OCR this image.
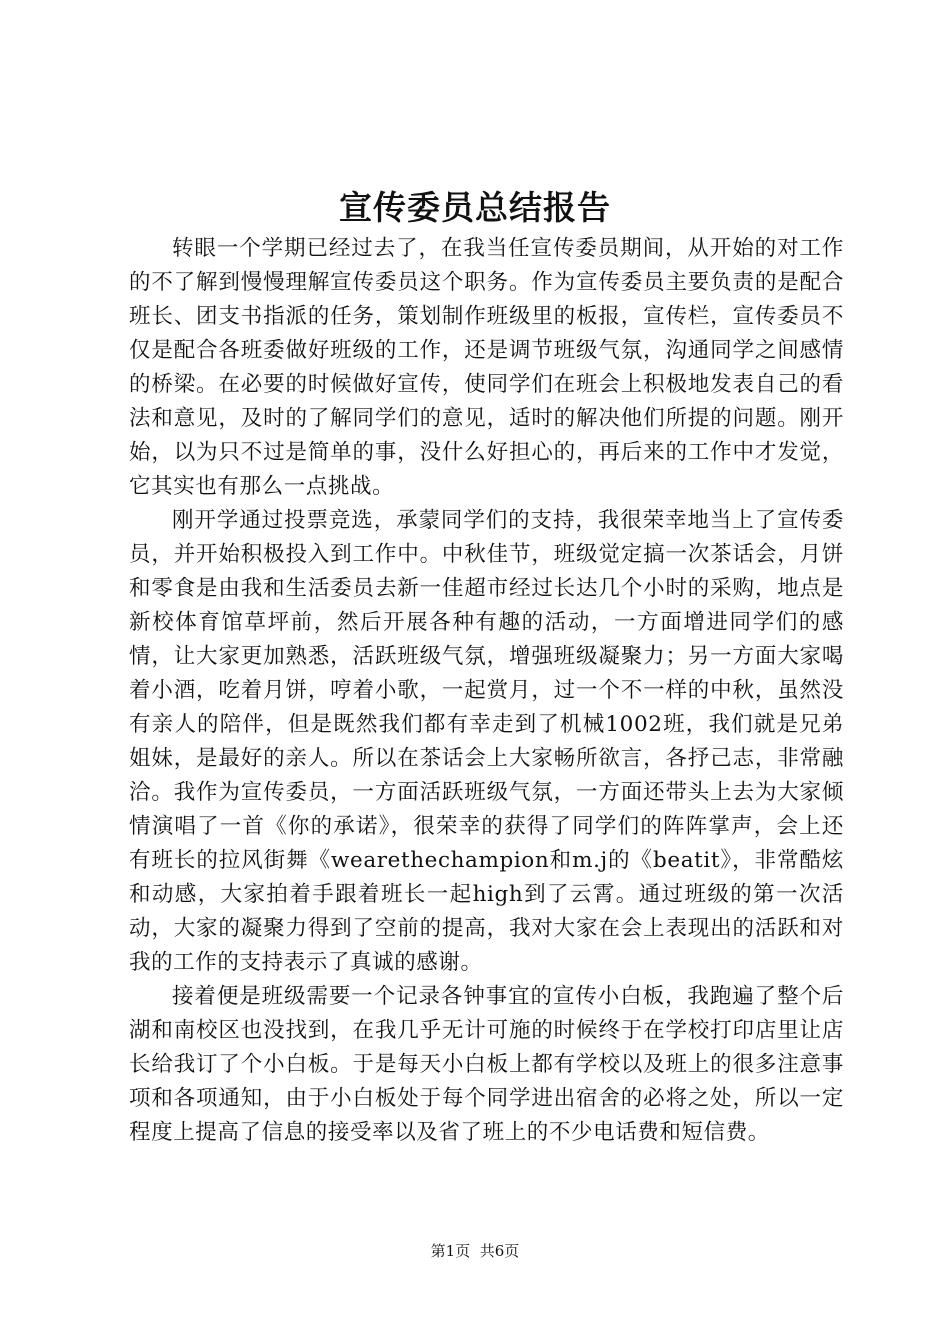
宣传委员总结报告

转眼一个学期已经过去了，在我当任宣传委员期间，从开始的对工作的不了解到慢慢理解宣传委员这个职务。作为宣传委员主要负责的是配合班长、团支书指派的任务，策划制作班级里的板报，宣传栏，宣传委员不仅是配合各班委做好班级的工作，还是调节班级气氛，沟通同学之间感情的桥梁。在必要的时候做好宣传，使同学们在班会上积极地发表自己的看法和意见，及时的了解同学们的意见，适时的解决他们所提的问题。刚开始，以为只不过是简单的事，没什么好担心的，再后来的工作中才发觉，它其实也有那么一点挑战。

刚开学通过投票竞选，承蒙同学们的支持，我很荣幸地当上了宣传委员，并开始积极投入到工作中。中秋佳节，班级觉定搞一次茶话会，月饼和零食是由我和生活委员去新一佳超市经过长达几个小时的采购，地点是新校体育馆草坪前，然后开展各种有趣的活动，一方面增进同学们的感情，让大家更加熟悉，活跃班级气氛，增强班级凝聚力；另一方面大家喝着小酒，吃着月饼，哼着小歌，一起赏月，过一个不一样的中秋，虽然没有亲人的陪伴，但是既然我们都有幸走到了机械1002班，我们就是兄弟姐妹，是最好的亲人。所以在茶话会上大家畅所欲言，各抒己志，非常融洽。我作为宣传委员，一方面活跃班级气氛，一方面还带头上去为大家倾情演唱了一首《你的承诺》，很荣幸的获得了同学们的阵阵掌声，会上还有班长的拉风街舞《wearethechampion和m.j的《beatit》，非常酷炫和动感，大家拍着手跟着班长一起high到了云霄。通过班级的第一次活动，大家的凝聚力得到了空前的提高，我对大家在会上表现出的活跃和对我的工作的支持表示了真诚的感谢。

接着便是班级需要一个记录各钟事宜的宣传小白板，我跑遍了整个后湖和南校区也没找到，在我几乎无计可施的时候终于在学校打印店里让店长给我订了个小白板。于是每天小白板上都有学校以及班上的很多注意事项和各项通知，由于小白板处于每个同学进出宿舍的必将之处，所以一定程度上提高了信息的接受率以及省了班上的不少电话费和短信费。

第1页 共6页
